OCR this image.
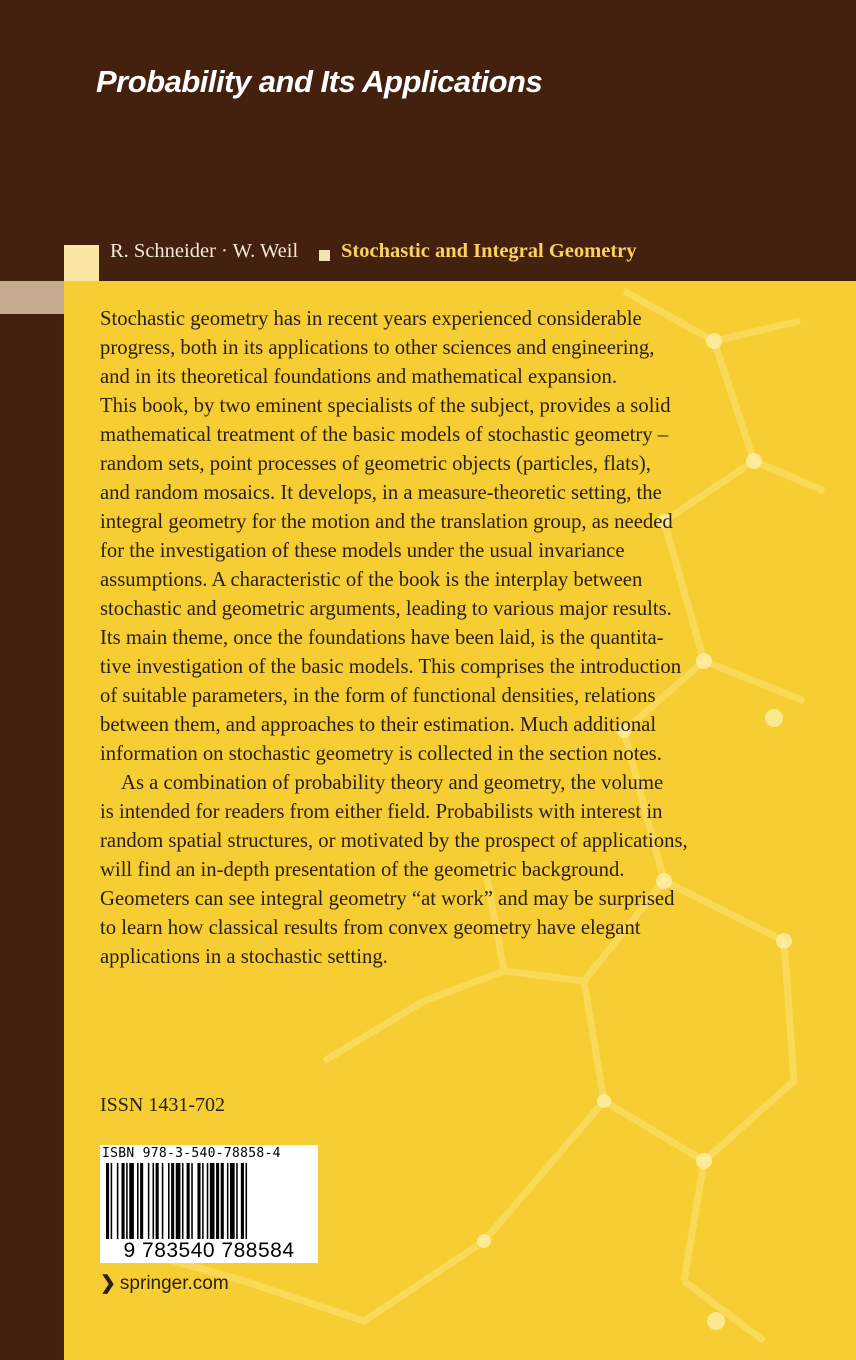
Probability and Its Applications
R. Schneider · W. Weil Stochastic and Integral Geometry

Stochastic geometry has in recent years experienced considerable

progress, both in its applications to other sciences and engineering,

and in its theoretical foundations and mathematical expansion.

This book, by two eminent specialists of the subject, provides a solid

mathematical treatment of the basic models of stochastic geometry –

random sets, point processes of geometric objects (particles, flats),

and random mosaics. It develops, in a measure-theoretic setting, the

integral geometry for the motion and the translation group, as needed

for the investigation of these models under the usual invariance

assumptions. A characteristic of the book is the interplay between

stochastic and geometric arguments, leading to various major results.

Its main theme, once the foundations have been laid, is the quantita-

tive investigation of the basic models. This comprises the introduction

of suitable parameters, in the form of functional densities, relations

between them, and approaches to their estimation. Much additional

information on stochastic geometry is collected in the section notes.

As a combination of probability theory and geometry, the volume

is intended for readers from either field. Probabilists with interest in

random spatial structures, or motivated by the prospect of applications,

will find an in-depth presentation of the geometric background.

Geometers can see integral geometry “at work” and may be surprised

to learn how classical results from convex geometry have elegant

applications in a stochastic setting.

ISSN 1431-702
ISBN 978-3-540-78858-4
9 783540 788584
❯ springer.com
